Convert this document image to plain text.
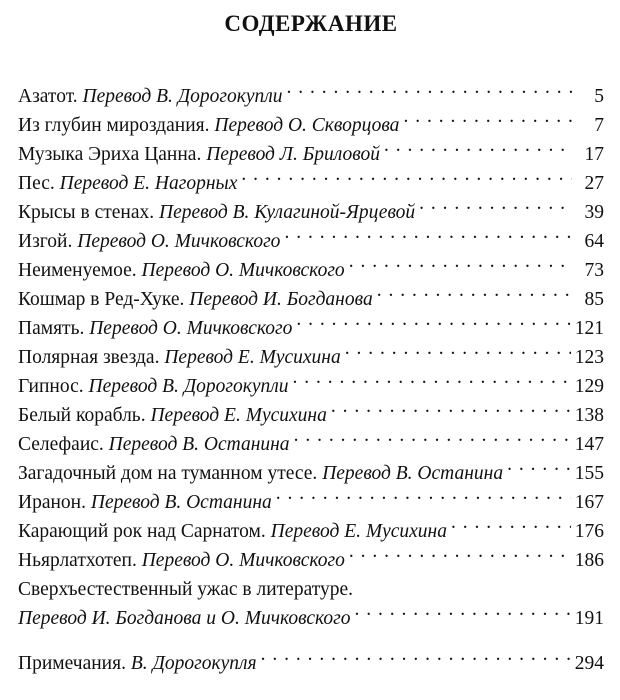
СОДЕРЖАНИЕ
Азатот. Перевод В. Дорогокупли . . .	5
Из глубин мироздания. Перевод О. Скворцова . . .	7
Музыка Эриха Цанна. Перевод Л. Бриловой . . .	17
Пес. Перевод Е. Нагорных . . .	27
Крысы в стенах. Перевод В. Кулагиной-Ярцевой . . .	39
Изгой. Перевод О. Мичковского . . .	64
Неименуемое. Перевод О. Мичковского . . .	73
Кошмар в Ред-Хуке. Перевод И. Богданова . . .	85
Память. Перевод О. Мичковского . . .	121
Полярная звезда. Перевод Е. Мусихина . . .	123
Гипнос. Перевод В. Дорогокупли . . .	129
Белый корабль. Перевод Е. Мусихина . . .	138
Селефаис. Перевод В. Останина . . .	147
Загадочный дом на туманном утесе. Перевод В. Останина . . .	155
Иранон. Перевод В. Останина . . .	167
Карающий рок над Сарнатом. Перевод Е. Мусихина . . .	176
Ньярлатхотеп. Перевод О. Мичковского . . .	186
Сверхъестественный ужас в литературе.
Перевод И. Богданова и О. Мичковского . . .	191
Примечания. В. Дорогокупля . . .	294
